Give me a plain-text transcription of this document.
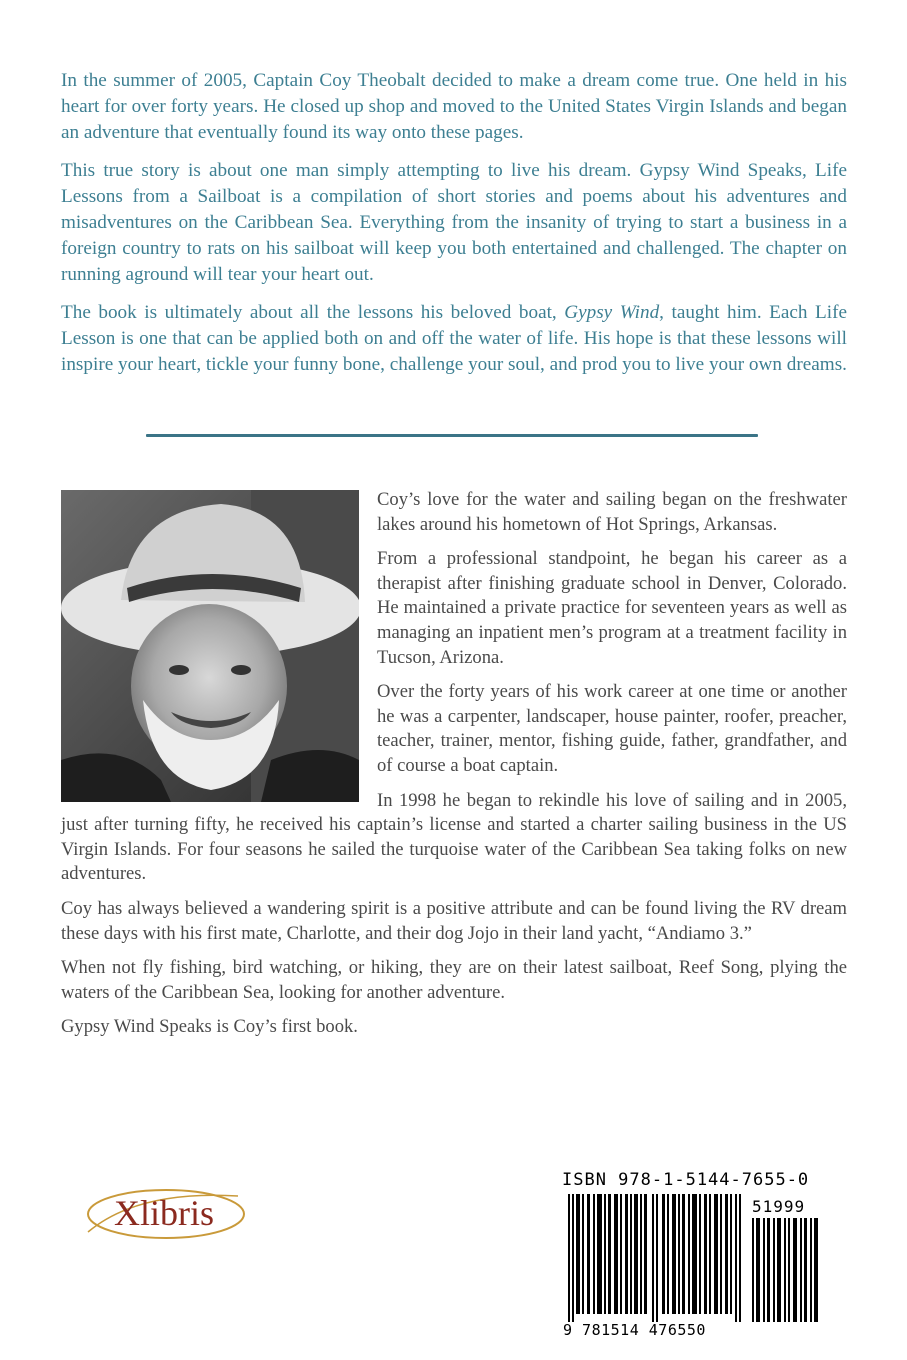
In the summer of 2005, Captain Coy Theobalt decided to make a dream come true. One held in his heart for over forty years. He closed up shop and moved to the United States Virgin Islands and began an adventure that eventually found its way onto these pages.

This true story is about one man simply attempting to live his dream. Gypsy Wind Speaks, Life Lessons from a Sailboat is a compilation of short stories and poems about his adventures and misadventures on the Caribbean Sea. Everything from the insanity of trying to start a business in a foreign country to rats on his sailboat will keep you both entertained and challenged. The chapter on running aground will tear your heart out.

The book is ultimately about all the lessons his beloved boat, Gypsy Wind, taught him. Each Life Lesson is one that can be applied both on and off the water of life. His hope is that these lessons will inspire your heart, tickle your funny bone, challenge your soul, and prod you to live your own dreams.

Coy’s love for the water and sailing began on the freshwater lakes around his hometown of Hot Springs, Arkansas.

From a professional standpoint, he began his career as a therapist after finishing graduate school in Denver, Colorado. He maintained a private practice for seventeen years as well as managing an inpatient men’s program at a treatment facility in Tucson, Arizona.

Over the forty years of his work career at one time or another he was a carpenter, landscaper, house painter, roofer, preacher, teacher, trainer, mentor, fishing guide, father, grandfather, and of course a boat captain.

In 1998 he began to rekindle his love of sailing and in 2005, just after turning fifty, he received his captain’s license and started a charter sailing business in the US Virgin Islands. For four seasons he sailed the turquoise water of the Caribbean Sea taking folks on new adventures.

Coy has always believed a wandering spirit is a positive attribute and can be found living the RV dream these days with his first mate, Charlotte, and their dog Jojo in their land yacht, “Andiamo 3.”

When not fly fishing, bird watching, or hiking, they are on their latest sailboat, Reef Song, plying the waters of the Caribbean Sea, looking for another adventure.

Gypsy Wind Speaks is Coy’s first book.

Xlibris
ISBN 978-1-5144-7655-0
51999
9 781514 476550
